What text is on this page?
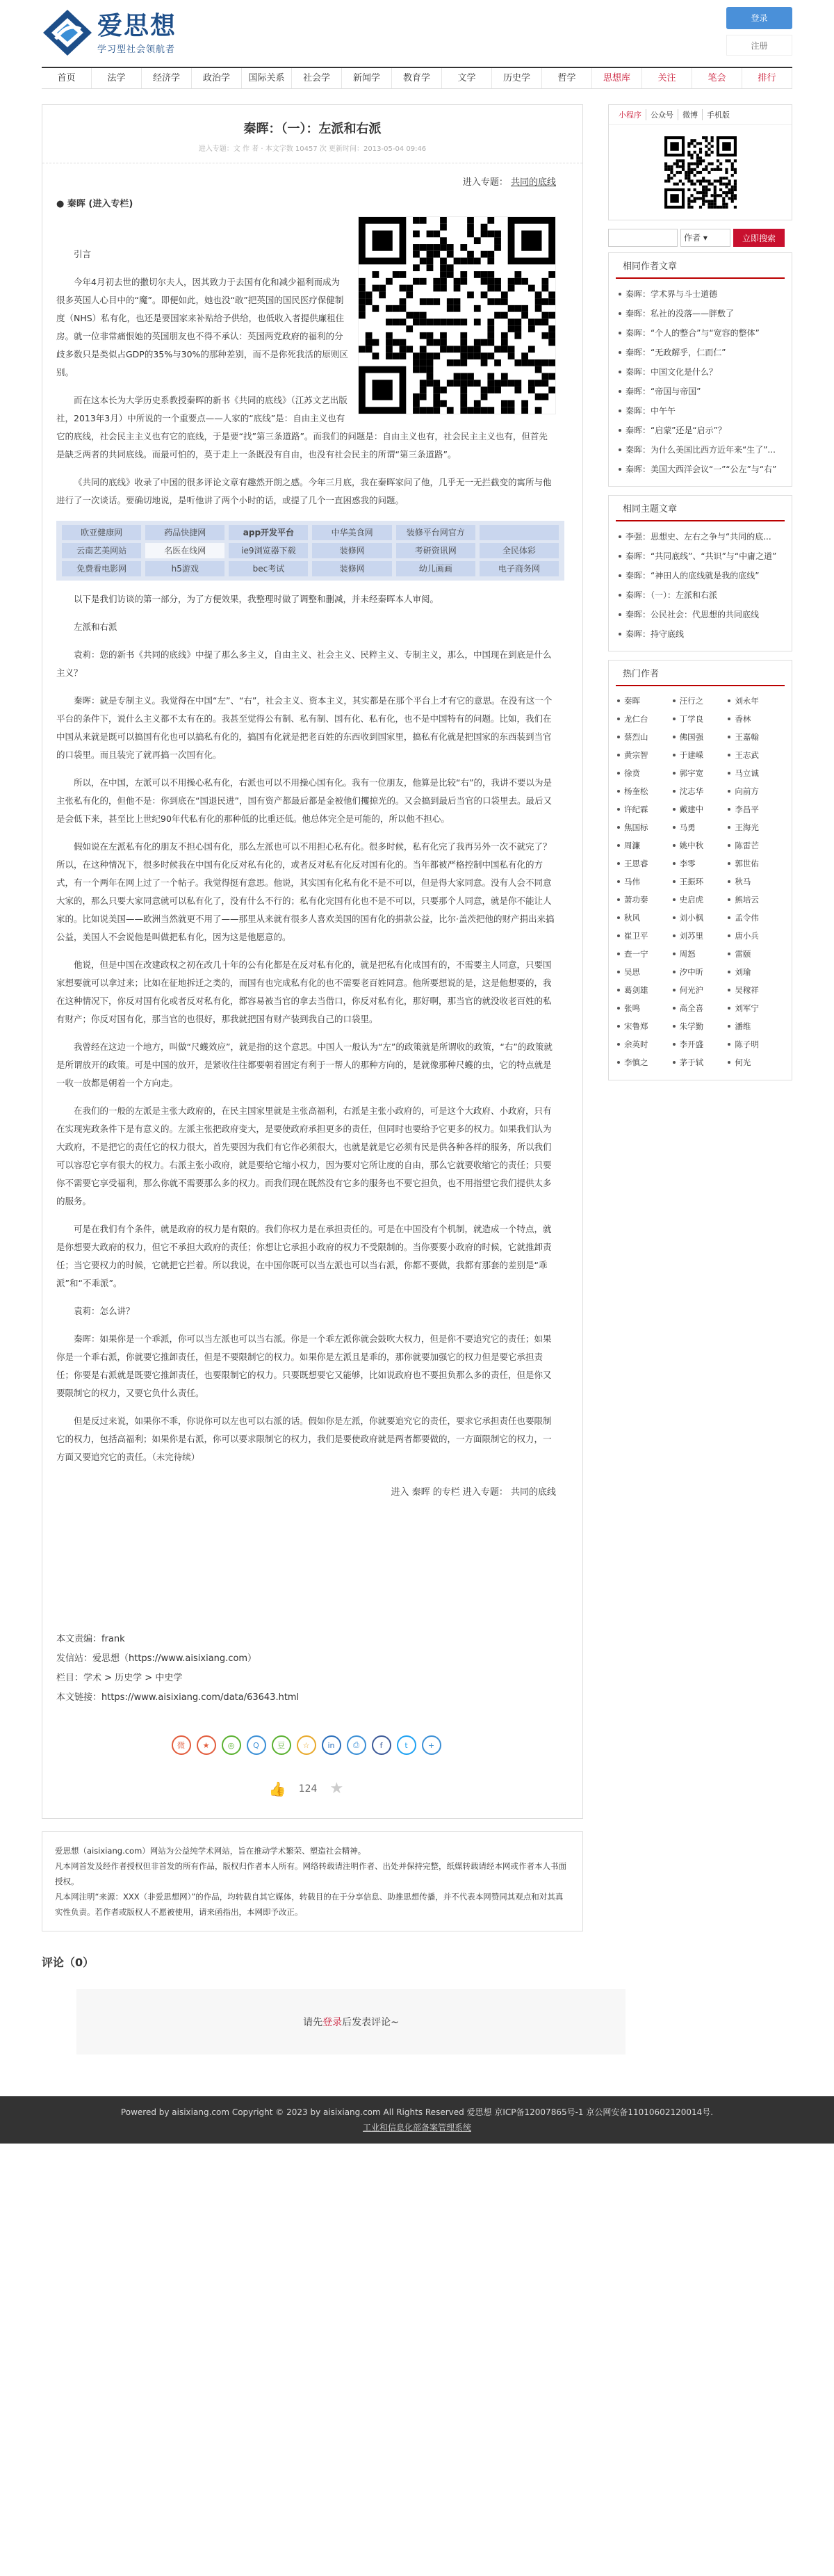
爱思想
学习型社会领航者
登录
注册
首页	法学	经济学	政治学	国际关系	社会学	新闻学	教育学	文学	历史学	哲学	思想库	关注	笔会	排行
秦晖：（一）：左派和右派
进入专题：文 作 者 · 本文字数 10457 次 更新时间：2013-05-04 09:46
进入专题： 共同的底线
● 秦晖 (进入专栏)
引言
今年4月初去世的撒切尔夫人，因其致力于去国有化和减少福利而成为很多英国人心目中的“魔”。即便如此，她也没“敢”把英国的国民医疗保健制度（NHS）私有化，也还是要国家来补贴给予供给，也低收入者提供廉租住房。就一位非常痛恨她的英国朋友也不得不承认：英国两党政府的福利的分歧多数只是类似占GDP的35%与30%的那种差别，而不是你死我活的原则区别。
而在这本长为大学历史系教授秦晖的新书《共同的底线》（江苏文艺出版社，2013年3月）中所说的一个重要点——人家的“底线”是：自由主义也有它的底线，社会民主主义也有它的底线，于是要“找”第三条道路”。而我们的问题是：自由主义也有，社会民主主义也有，但首先是缺乏两者的共同底线。而最可怕的，莫于走上一条既没有自由，也没有社会民主的所谓“第三条道路”。
《共同的底线》收录了中国的很多评论文章有趣然开朗之感。今年三月底，我在秦晖家问了他，几乎无一无拦截变的寓所与他进行了一次谈话。要确切地说，是听他讲了两个小时的话，或提了几个一直困惑我的问题。
欧亚健康网	药品快捷网	app开发平台	中华美食网	装修平台网官方
云南艺美网站	名医在线网	ie9浏览器下载	装修网	考研资讯网	全民体彩
免费看电影网	h5游戏	bec考试	装修网	幼儿画画	电子商务网
以下是我们访谈的第一部分，为了方便效果，我整理时做了调整和删减，并未经秦晖本人审阅。
左派和右派
袁莉：您的新书《共同的底线》中提了那么多主义，自由主义、社会主义、民粹主义、专制主义，那么，中国现在到底是什么主义？
秦晖：就是专制主义。我觉得在中国“左”、“右”，社会主义、资本主义，其实都是在那个平台上才有它的意思。在没有这一个平台的条件下，说什么主义都不太有在的。我甚至觉得公有制、私有制、国有化、私有化，也不是中国特有的问题。比如，我们在中国从来就是既可以搞国有化也可以搞私有化的，搞国有化就是把老百姓的东西收到国家里，搞私有化就是把国家的东西装到当官的口袋里。而且装完了就再搞一次国有化。
所以，在中国，左派可以不用操心私有化，右派也可以不用操心国有化。我有一位朋友，他算是比较“右”的，我讲不要以为是主张私有化的，但他不是：你到底在“国退民进”，国有资产都最后都是金被他们攫掠光的。又会搞到最后当官的口袋里去。最后又是会低下来，甚至比上世纪90年代私有化的那种低的比重还低。他总体完全是可能的，所以他不担心。
假如说在左派私有化的朋友不担心国有化，那么左派也可以不用担心私有化。很多时候，私有化完了我再另外一次不就完了？所以，在这种情况下，很多时候我在中国有化反对私有化的，或者反对私有化反对国有化的。当年都被严格控制中国私有化的方式，有一个两年在网上过了一个帖子。我觉得挺有意思。他说，其实国有化私有化不是不可以，但是得大家同意。没有人会不同意大家的，那么只要大家同意就可以私有化了，没有什么不行的；私有化完国有化也不是不可以，只要那个人同意，就是你不能让人家的。比如说美国——欧洲当然就更不用了——那里从来就有很多人喜欢美国的国有化的捐款公益，比尔·盖茨把他的财产捐出来搞公益，美国人不会说他是叫做把私有化，因为这是他愿意的。
他说，但是中国在改建政权之初在改几十年的公有化都是在反对私有化的，就是把私有化成国有的，不需要主人同意，只要国家想要就可以拿过来；比如在征地拆迁之类的，而国有也完成私有化的也不需要老百姓同意。他所要想说的是，这是他想要的，我在这种情况下，你反对国有化或者反对私有化，都容易被当官的拿去当借口，你反对私有化，那好啊，那当官的就没收老百姓的私有财产；你反对国有化，那当官的也很好，那我就把国有财产装到我自己的口袋里。
我曾经在这边一个地方，叫做“尺蠖效应”，就是指的这个意思。中国人一般认为“左”的政策就是所谓收的政策，“右”的政策就是所谓放开的政策。可是中国的放开，是紧收往往都要朝着固定有利于一帮人的那种方向的，是就像那种尺蠖的虫，它的特点就是一收一放都是朝着一个方向走。
在我们的一般的左派是主张大政府的，在民主国家里就是主张高福利，右派是主张小政府的，可是这个大政府、小政府，只有在实现宪政条件下是有意义的。左派主张把政府变大，是要使政府承担更多的责任，但同时也要给予它更多的权力。如果我们认为大政府，不是把它的责任它的权力很大，首先要因为我们有它作必须很大，也就是就是它必须有民是供各种各样的服务，所以我们可以容忍它享有很大的权力。右派主张小政府，就是要给它缩小权力，因为要对它所让度的自由，那么它就要收缩它的责任；只要你不需要它享受福利，那么你就不需要那么多的权力。而我们现在既然没有它多的服务也不要它担负，也不用指望它我们提供太多的服务。
可是在我们有个条件，就是政府的权力是有限的。我们你权力是在承担责任的。可是在中国没有个机制，就造成一个特点，就是你想要大政府的权力，但它不承担大政府的责任；你想让它承担小政府的权力不受限制的。当你要要小政府的时候，它就推卸责任；当它要权力的时候，它就把它拦着。所以我说，在中国你既可以当左派也可以当右派，你都不要做，我都有那套的差别是“乖派”和“不乖派”。
袁莉：怎么讲？
秦晖：如果你是一个乖派，你可以当左派也可以当右派。你是一个乖左派你就会鼓吹大权力，但是你不要追究它的责任；如果你是一个乖右派，你就要它推卸责任，但是不要限制它的权力。如果你是左派且是乖的，那你就要加强它的权力但是要它承担责任；你要是右派就是既要它推卸责任，也要限制它的权力。只要既想要它又能够，比如说政府也不要担负那么多的责任，但是你又要限制它的权力，又要它负什么责任。
但是反过来说，如果你不乖，你说你可以左也可以右派的话。假如你是左派，你就要追究它的责任，要求它承担责任也要限制它的权力，包括高福利；如果你是右派，你可以要求限制它的权力，我们是要使政府就是两者都要做的，一方面限制它的权力，一方面又要追究它的责任。（未完待续）
进入 秦晖 的专栏 进入专题： 共同的底线
本文责编：frank
发信站：爱思想（https://www.aisixiang.com）
栏目：学术 > 历史学 > 中史学
本文链接：https://www.aisixiang.com/data/63643.html
微	★	◎	Q	豆	☆	in	⎙	f	t	+
👍 124 ★
爱思想（aisixiang.com）网站为公益纯学术网站，旨在推动学术繁荣、塑造社会精神。
凡本网首发及经作者授权但非首发的所有作品，版权归作者本人所有。网络转载请注明作者、出处并保持完整，纸媒转载请经本网或作者本人书面授权。
凡本网注明“来源：XXX（非爱思想网）”的作品，均转载自其它媒体，转载目的在于分享信息、助推思想传播，并不代表本网赞同其观点和对其真实性负责。若作者或版权人不愿被使用，请来函指出，本网即予改正。
小程序	公众号	微博	手机版
作者 ▾	立即搜索
相同作者文章
秦晖：学术界与斗士道德
秦晖：私社的没落——胖敷了
秦晖：“个人的整合”与“宽容的整体”
秦晖：“无政解乎，仁而仁”
秦晖：中国文化是什么？
秦晖：“帝国与帝国”
秦晖：中午午
秦晖：“启蒙”还是“启示”？
秦晖：为什么美国比西方近年来“生了”...
秦晖：美国大西洋会议“一”“公左”与“右”
相同主题文章
李强：思想史、左右之争与“共同的底...
秦晖：“共同底线”、“共识”与“中庸之道”
秦晖：“神田人的底线就是我的底线”
秦晖：（一）：左派和右派
秦晖：公民社会：代思想的共同底线
秦晖：持守底线
热门作者
秦晖	汪行之	刘永年
龙仁台	丁学良	香林
蔡烈山	佛国强	王嘉翰
黄宗智	于建嵘	王志武
徐贲	郭宇宽	马立诚
杨奎松	沈志华	向前方
许纪霖	戴建中	李昌平
焦国标	马勇	王海光
周濂	姚中秋	陈雷芒
王思睿	李零	郭世佑
马伟	王振环	秋马
萧功秦	史启虎	熊培云
秋风	刘小枫	孟令伟
崔卫平	刘苏里	唐小兵
查一宁	周怒	雷颐
吴思	汐中昕	刘瑜
葛剑雄	何光沪	吴稼祥
张鸣	高全喜	刘军宁
宋鲁郑	朱学勤	潘维
余英时	李开盛	陈子明
李慎之	茅于轼	何光
评论（0）
请先 登录 后发表评论~
Powered by aisixiang.com Copyright © 2023 by aisixiang.com All Rights Reserved 爱思想 京ICP备12007865号-1 京公网安备11010602120014号.
工业和信息化部备案管理系统
